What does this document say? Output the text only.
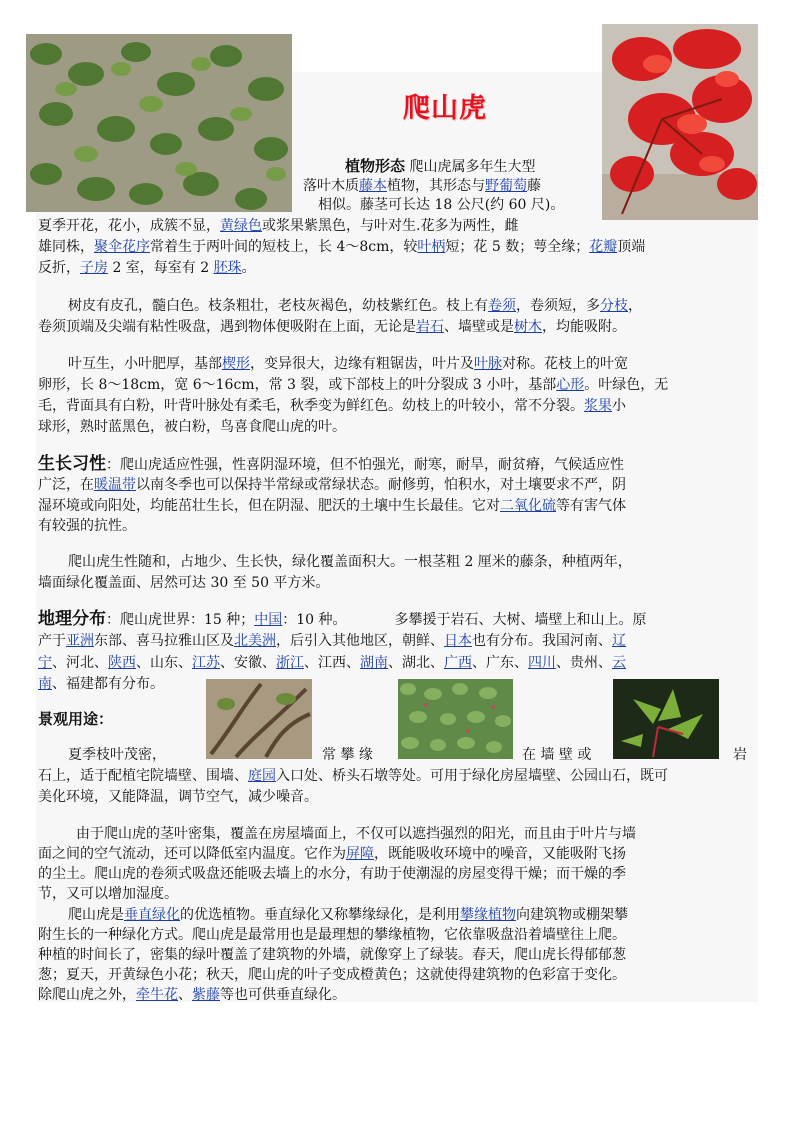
爬山虎
植物形态 爬山虎属多年生大型
落叶木质藤本植物，其形态与野葡萄藤
相似。藤茎可长达 18 公尺(约 60 尺)。
夏季开花，花小，成簇不显，黄绿色或浆果紫黑色，与叶对生.花多为两性，雌
雄同株，聚伞花序常着生于两叶间的短枝上，长 4～8cm，较叶柄短；花 5 数；萼全缘；花瓣顶端
反折，子房 2 室，每室有 2 胚珠。
树皮有皮孔，髓白色。枝条粗壮，老枝灰褐色，幼枝紫红色。枝上有卷须，卷须短，多分枝，
卷须顶端及尖端有粘性吸盘，遇到物体便吸附在上面，无论是岩石、墙壁或是树木，均能吸附。
叶互生，小叶肥厚，基部楔形，变异很大，边缘有粗锯齿，叶片及叶脉对称。花枝上的叶宽
卵形，长 8～18cm，宽 6～16cm，常 3 裂，或下部枝上的叶分裂成 3 小叶，基部心形。叶绿色，无
毛，背面具有白粉，叶背叶脉处有柔毛，秋季变为鲜红色。幼枝上的叶较小，常不分裂。浆果小
球形，熟时蓝黑色，被白粉，鸟喜食爬山虎的叶。
生长习性：爬山虎适应性强，性喜阴湿环境，但不怕强光，耐寒，耐旱，耐贫瘠，气候适应性
广泛，在暖温带以南冬季也可以保持半常绿或常绿状态。耐修剪，怕积水，对土壤要求不严，阴
湿环境或向阳处，均能茁壮生长，但在阴湿、肥沃的土壤中生长最佳。它对二氧化硫等有害气体
有较强的抗性。
爬山虎生性随和，占地少、生长快，绿化覆盖面积大。一根茎粗 2 厘米的藤条，种植两年，
墙面绿化覆盖面、居然可达 30 至 50 平方米。
地理分布：爬山虎世界：15 种；中国：10 种。	多攀援于岩石、大树、墙壁上和山上。原
产于亚洲东部、喜马拉雅山区及北美洲，后引入其他地区，朝鲜、日本也有分布。我国河南、辽
宁、河北、陕西、山东、江苏、安徽、浙江、江西、湖南、湖北、广西、广东、四川、贵州、云
南、福建都有分布。
景观用途：
夏季枝叶茂密，	常 攀 缘	在 墙 壁 或	岩
石上，适于配植宅院墙壁、围墙、庭园入口处、桥头石墩等处。可用于绿化房屋墙壁、公园山石，既可
美化环境，又能降温，调节空气，减少噪音。
由于爬山虎的茎叶密集，覆盖在房屋墙面上，不仅可以遮挡强烈的阳光，而且由于叶片与墙
面之间的空气流动，还可以降低室内温度。它作为屏障，既能吸收环境中的噪音，又能吸附飞扬
的尘土。爬山虎的卷须式吸盘还能吸去墙上的水分，有助于使潮湿的房屋变得干燥；而干燥的季
节，又可以增加湿度。
爬山虎是垂直绿化的优选植物。垂直绿化又称攀缘绿化，是利用攀缘植物向建筑物或棚架攀
附生长的一种绿化方式。爬山虎是最常用也是最理想的攀缘植物，它依靠吸盘沿着墙壁往上爬。
种植的时间长了，密集的绿叶覆盖了建筑物的外墙，就像穿上了绿装。春天，爬山虎长得郁郁葱
葱；夏天，开黄绿色小花；秋天，爬山虎的叶子变成橙黄色；这就使得建筑物的色彩富于变化。
除爬山虎之外，牵牛花、紫藤等也可供垂直绿化。
